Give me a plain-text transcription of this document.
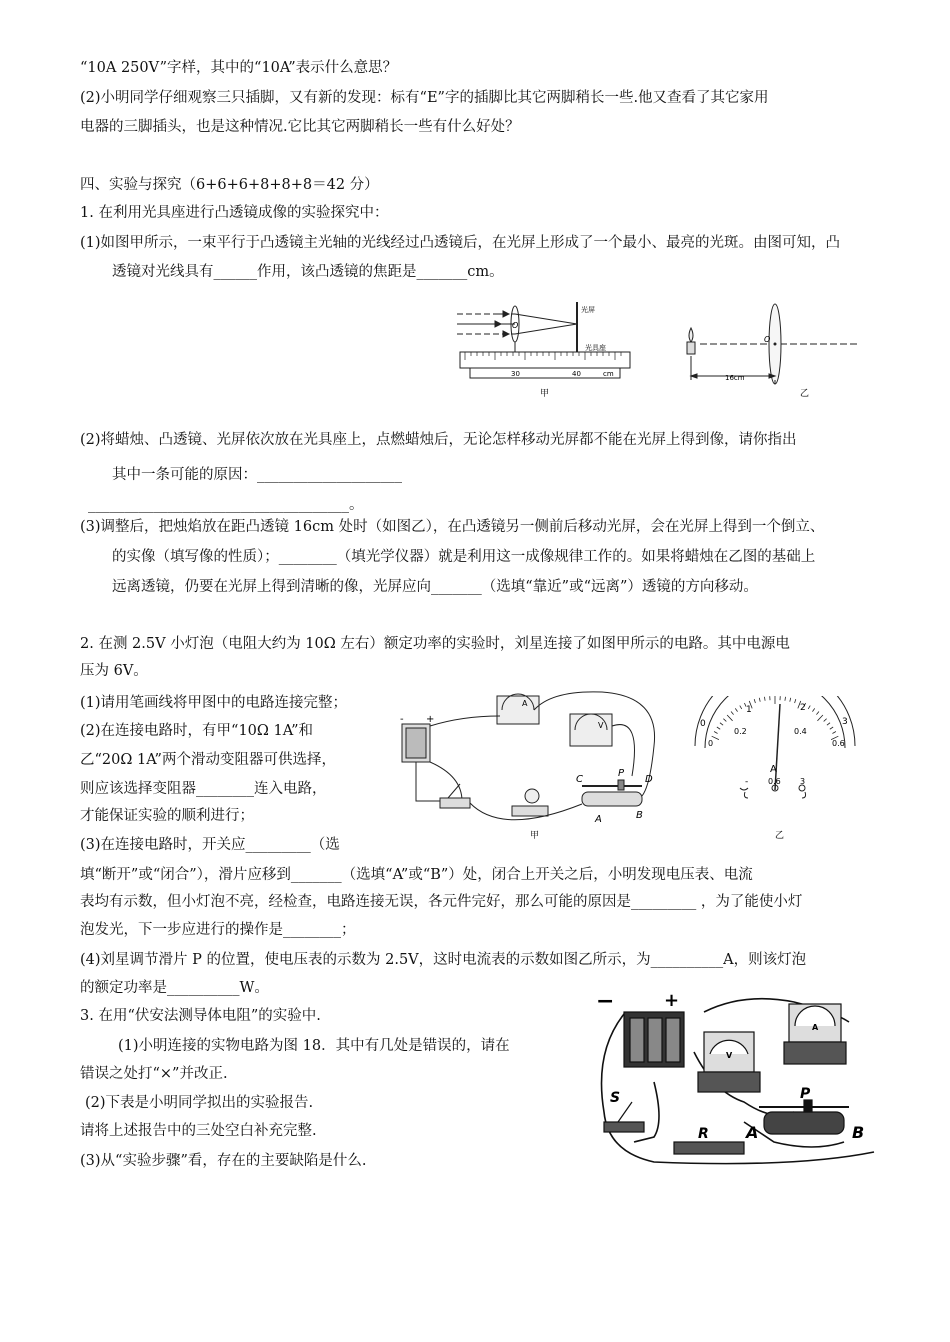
“10A 250V”字样，其中的“10A”表示什么意思？
(2)小明同学仔细观察三只插脚，又有新的发现：标有“E”字的插脚比其它两脚稍长一些.他又查看了其它家用
电器的三脚插头，也是这种情况.它比其它两脚稍长一些有什么好处？
四、实验与探究（6+6+6+8+8+8＝42 分）
1. 在利用光具座进行凸透镜成像的实验探究中：
(1)如图甲所示，一束平行于凸透镜主光轴的光线经过凸透镜后，在光屏上形成了一个最小、最亮的光斑。由图可知，凸
透镜对光线具有______作用，该凸透镜的焦距是_______cm。
(2)将蜡烛、凸透镜、光屏依次放在光具座上，点燃蜡烛后，无论怎样移动光屏都不能在光屏上得到像，请你指出
其中一条可能的原因：____________________
____________________________________。
(3)调整后，把烛焰放在距凸透镜 16cm 处时（如图乙），在凸透镜另一侧前后移动光屏，会在光屏上得到一个倒立、
的实像（填写像的性质）；________（填光学仪器）就是利用这一成像规律工作的。如果将蜡烛在乙图的基础上
远离透镜，仍要在光屏上得到清晰的像，光屏应向_______（选填“靠近”或“远离”）透镜的方向移动。
2. 在测 2.5V 小灯泡（电阻大约为 10Ω 左右）额定功率的实验时，刘星连接了如图甲所示的电路。其中电源电
压为 6V。
(1)请用笔画线将甲图中的电路连接完整；
(2)在连接电路时，有甲“10Ω 1A”和
乙“20Ω 1A”两个滑动变阻器可供选择，
则应该选择变阻器________连入电路，
才能保证实验的顺利进行；
(3)在连接电路时，开关应_________（选
填“断开”或“闭合”），滑片应移到_______（选填“A”或“B”）处，闭合上开关之后，小明发现电压表、电流
表均有示数，但小灯泡不亮，经检查，电路连接无误，各元件完好，那么可能的原因是_________ ，为了能使小灯
泡发光，下一步应进行的操作是________；
(4)刘星调节滑片 P 的位置，使电压表的示数为 2.5V，这时电流表的示数如图乙所示，为__________A，则该灯泡
的额定功率是__________W。
3. 在用“伏安法测导体电阻”的实验中.
(1)小明连接的实物电路为图 18．其中有几处是错误的，请在
错误之处打“×”并改正.
(2)下表是小明同学拟出的实验报告.
请将上述报告中的三处空白补充完整.
(3)从“实验步骤”看，存在的主要缺陷是什么.
O
光屏
光具座
30	40	cm
甲
O
16cm
乙
A
V
- +
C
P
D
A	B
甲
0
1	2
3
0
0.2	0.4
0.6
A
- 0.6 3
乙
−	+
V
A
S
R
P
A	B
